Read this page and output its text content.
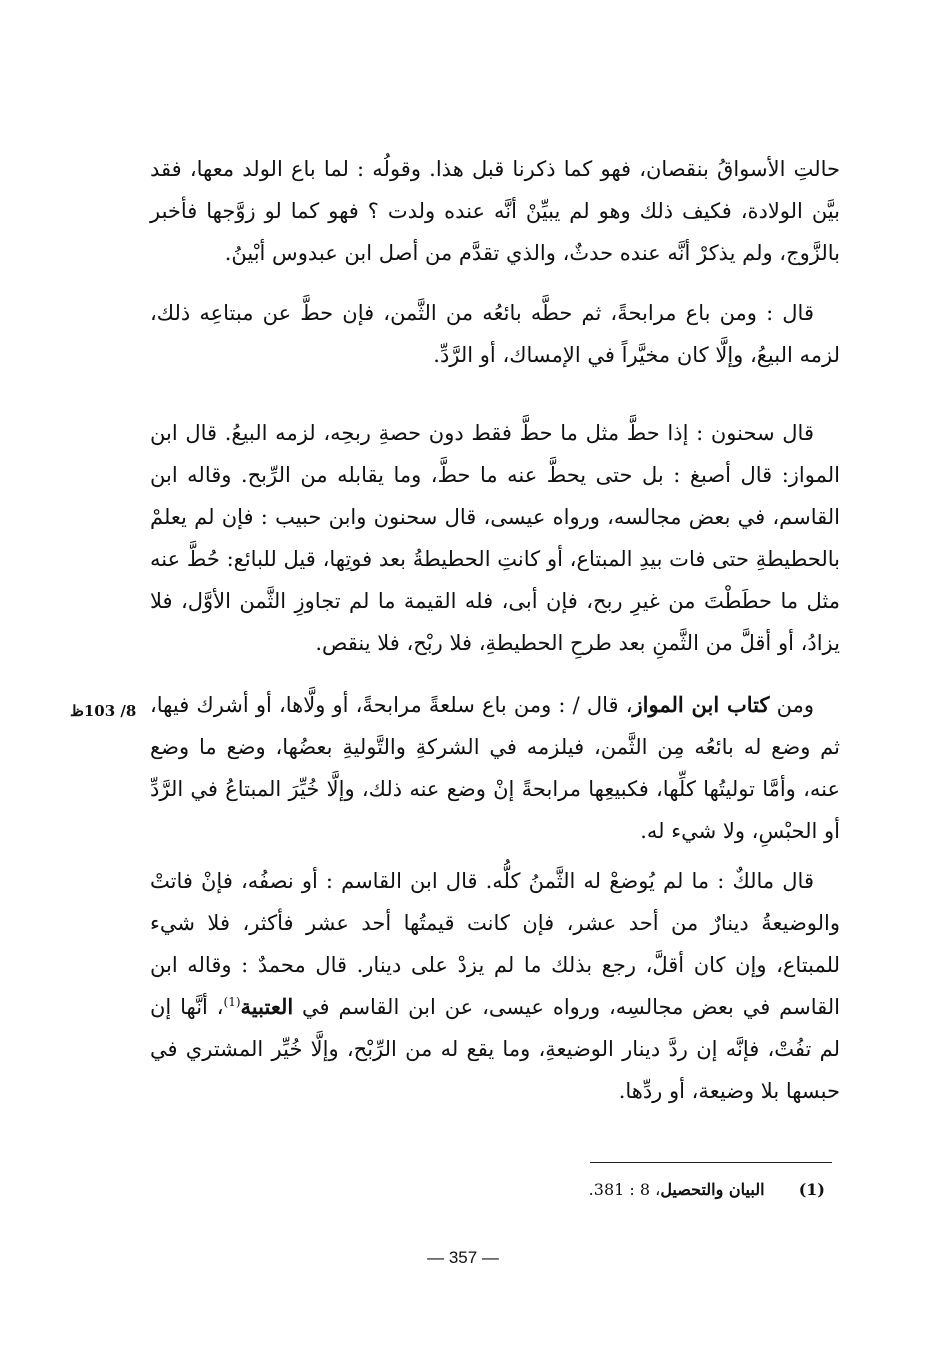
حالتِ الأسواقُ بنقصان، فهو كما ذكرنا قبل هذا. وقولُه : لما باع الولد معها، فقد بيَّن الولادة، فكيف ذلك وهو لم يبيِّنْ أنَّه عنده ولدت ؟ فهو كما لو زوَّجها فأخبر بالزَّوج، ولم يذكرْ أنَّه عنده حدثٌ، والذي تقدَّم من أصل ابن عبدوس أبْينُ.

قال : ومن باع مرابحةً، ثم حطَّه بائعُه من الثَّمن، فإن حطَّ عن مبتاعِه ذلك، لزمه البيعُ، وإلَّا كان مخيَّراً في الإمساك، أو الرَّدِّ.

قال سحنون : إذا حطَّ مثل ما حطَّ فقط دون حصةِ ربحِه، لزمه البيعُ. قال ابن المواز: قال أصبغ : بل حتى يحطَّ عنه ما حطَّ، وما يقابله من الرِّبح. وقاله ابن القاسم، في بعض مجالسه، ورواه عيسى، قال سحنون وابن حبيب : فإن لم يعلمْ بالحطيطةِ حتى فات بيدِ المبتاع، أو كانتِ الحطيطةُ بعد فوتِها، قيل للبائع: حُطَّ عنه مثل ما حطَطْتَ من غيرِ ربح، فإن أبى، فله القيمة ما لم تجاوزِ الثَّمن الأوَّل، فلا يزادُ، أو أقلَّ من الثَّمنِ بعد طرحِ الحطيطةِ، فلا ربْح، فلا ينقص.

ومن كتاب ابن المواز، قال / : ومن باع سلعةً مرابحةً، أو ولَّاها، أو أشرك فيها، ثم وضع له بائعُه مِن الثَّمن، فيلزمه في الشركةِ والتَّوليةِ بعضُها، وضع ما وضع عنه، وأمَّا توليتُها كلِّها، فكبيعِها مرابحةً إنْ وضع عنه ذلك، وإلَّا خُيِّرَ المبتاعُ في الرَّدِّ أو الحبْسِ، ولا شيء له.

8/ 103ظ

قال مالكٌ : ما لم يُوضعْ له الثَّمنُ كلُّه. قال ابن القاسم : أو نصفُه، فإنْ فاتتْ والوضيعةُ دينارٌ من أحد عشر، فإن كانت قيمتُها أحد عشر فأكثر، فلا شيء للمبتاع، وإن كان أقلَّ، رجع بذلك ما لم يزدْ على دينار. قال محمدٌ : وقاله ابن القاسم في بعض مجالسِه، ورواه عيسى، عن ابن القاسم في العتبية$^{(1)}$، أنَّها إن لم تفُتْ، فإنَّه إن ردَّ دينار الوضيعةِ، وما يقع له من الرِّبْح، وإلَّا خُيِّر المشتري في حبسها بلا وضيعة، أو ردِّها.

(1)  البيان والتحصيل، 8 : 381.
— 357 —
